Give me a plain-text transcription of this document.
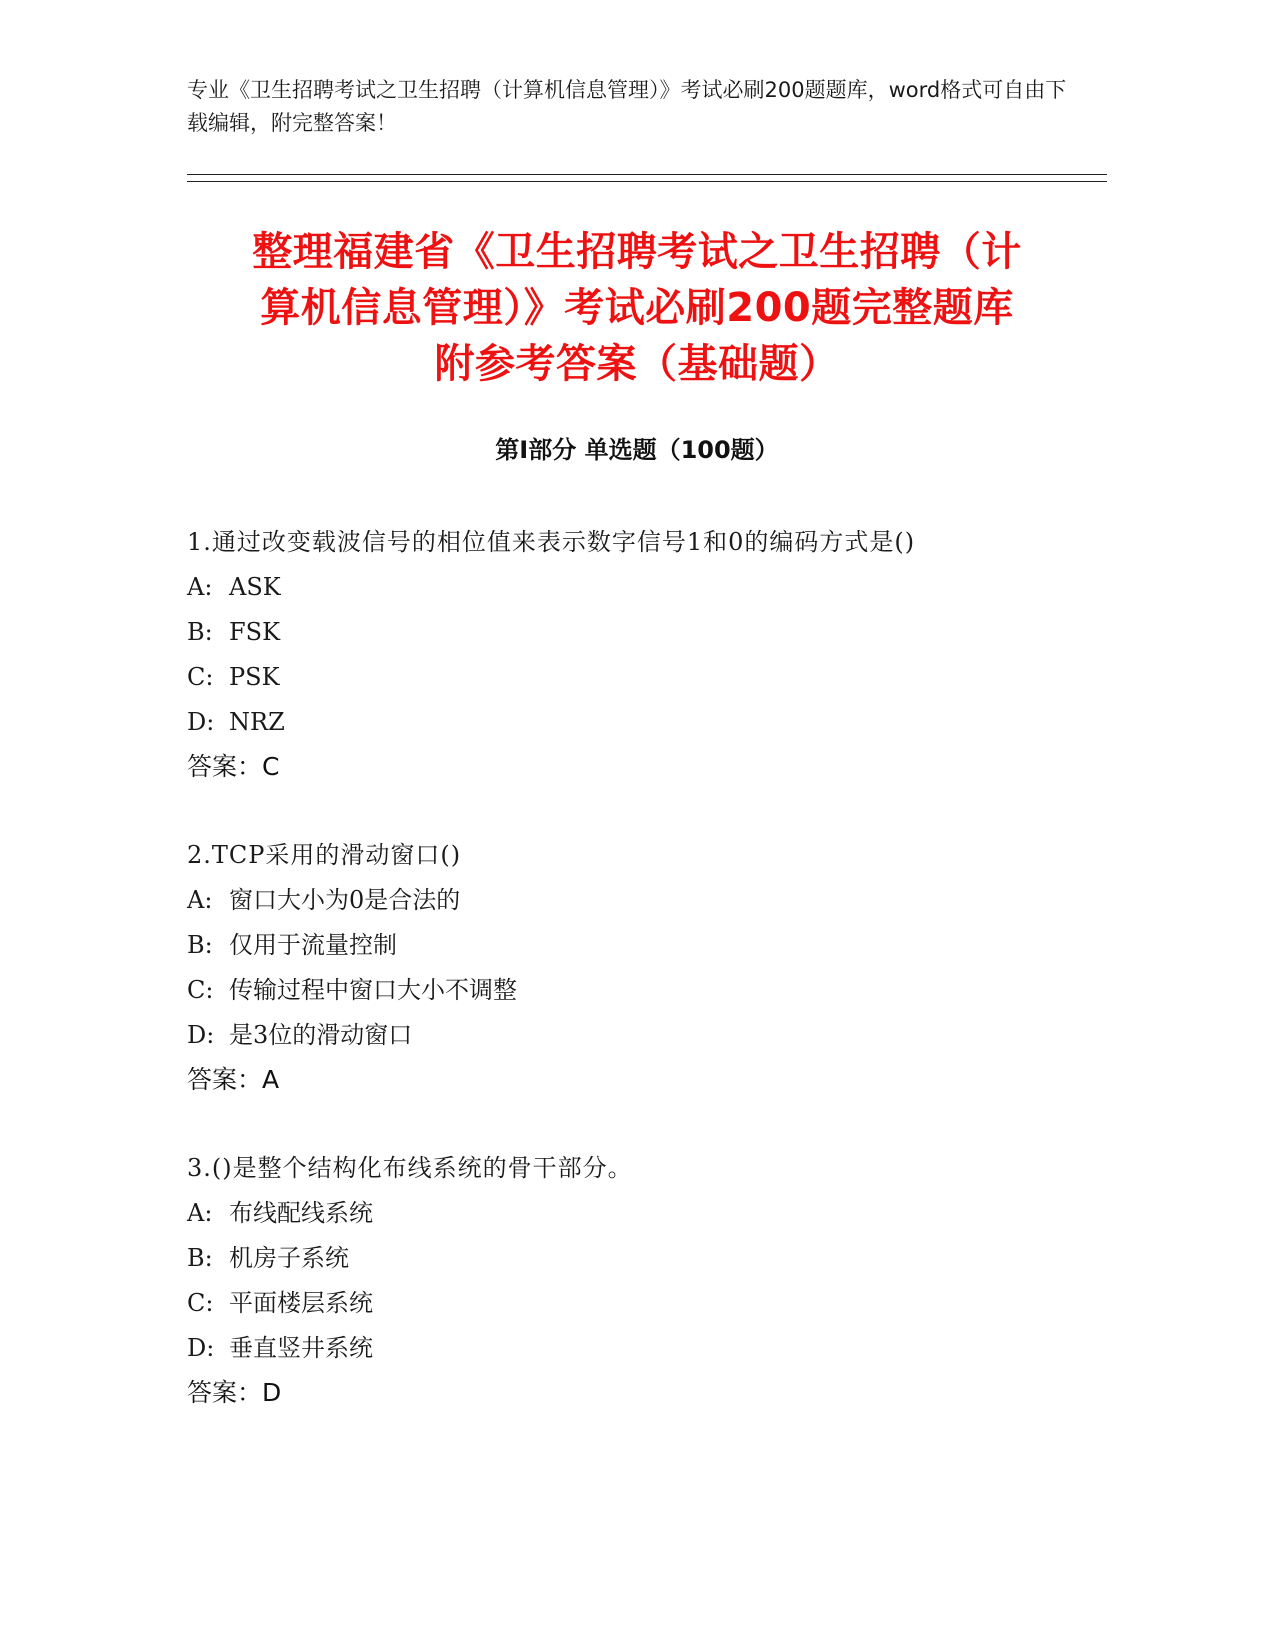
专业《卫生招聘考试之卫生招聘（计算机信息管理）》考试必刷200题题库，word格式可自由下载编辑，附完整答案！
整理福建省《卫生招聘考试之卫生招聘（计
算机信息管理）》考试必刷200题完整题库
附参考答案（基础题）
第Ⅰ部分 单选题（100题）
1.通过改变载波信号的相位值来表示数字信号1和0的编码方式是()
A: ASK
B: FSK
C: PSK
D: NRZ
答案：C
2.TCP采用的滑动窗口()
A: 窗口大小为0是合法的
B: 仅用于流量控制
C: 传输过程中窗口大小不调整
D: 是3位的滑动窗口
答案：A
3.()是整个结构化布线系统的骨干部分。
A: 布线配线系统
B: 机房子系统
C: 平面楼层系统
D: 垂直竖井系统
答案：D
